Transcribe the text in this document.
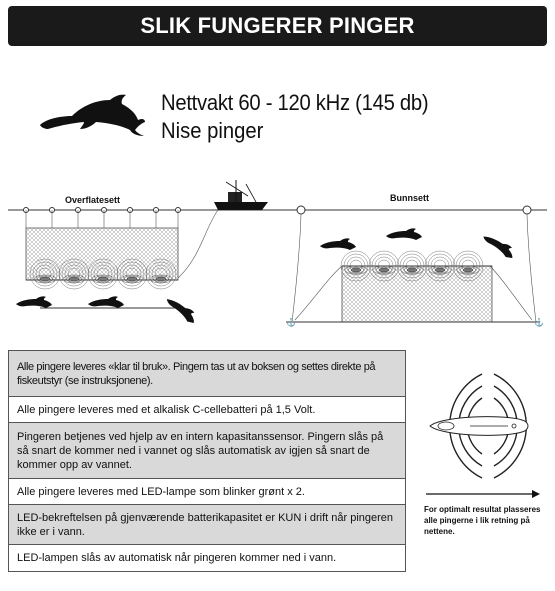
SLIK FUNGERER PINGER
Nettvakt 60 - 120 kHz (145 db)
Nise pinger
Overflatesett	Bunnsett
⚓	⚓
Alle pingere leveres «klar til bruk». Pingern tas ut av boksen og settes direkte på fiskeutstyr (se instruksjonene).
Alle pingere leveres med et alkalisk C-cellebatteri på 1,5 Volt.
Pingeren betjenes ved hjelp av en intern kapasitanssensor. Pingern slås på så snart de kommer ned i vannet og slås automatisk av igjen så snart de kommer opp av vannet.
Alle pingere leveres med LED-lampe som blinker grønt x 2.
LED-bekreftelsen på gjenværende batterikapasitet er KUN i drift når pingeren ikke er i vann.
LED-lampen slås av automatisk når pingeren kommer ned i vann.
For optimalt resultat plasseres alle pingerne i lik retning på nettene.
